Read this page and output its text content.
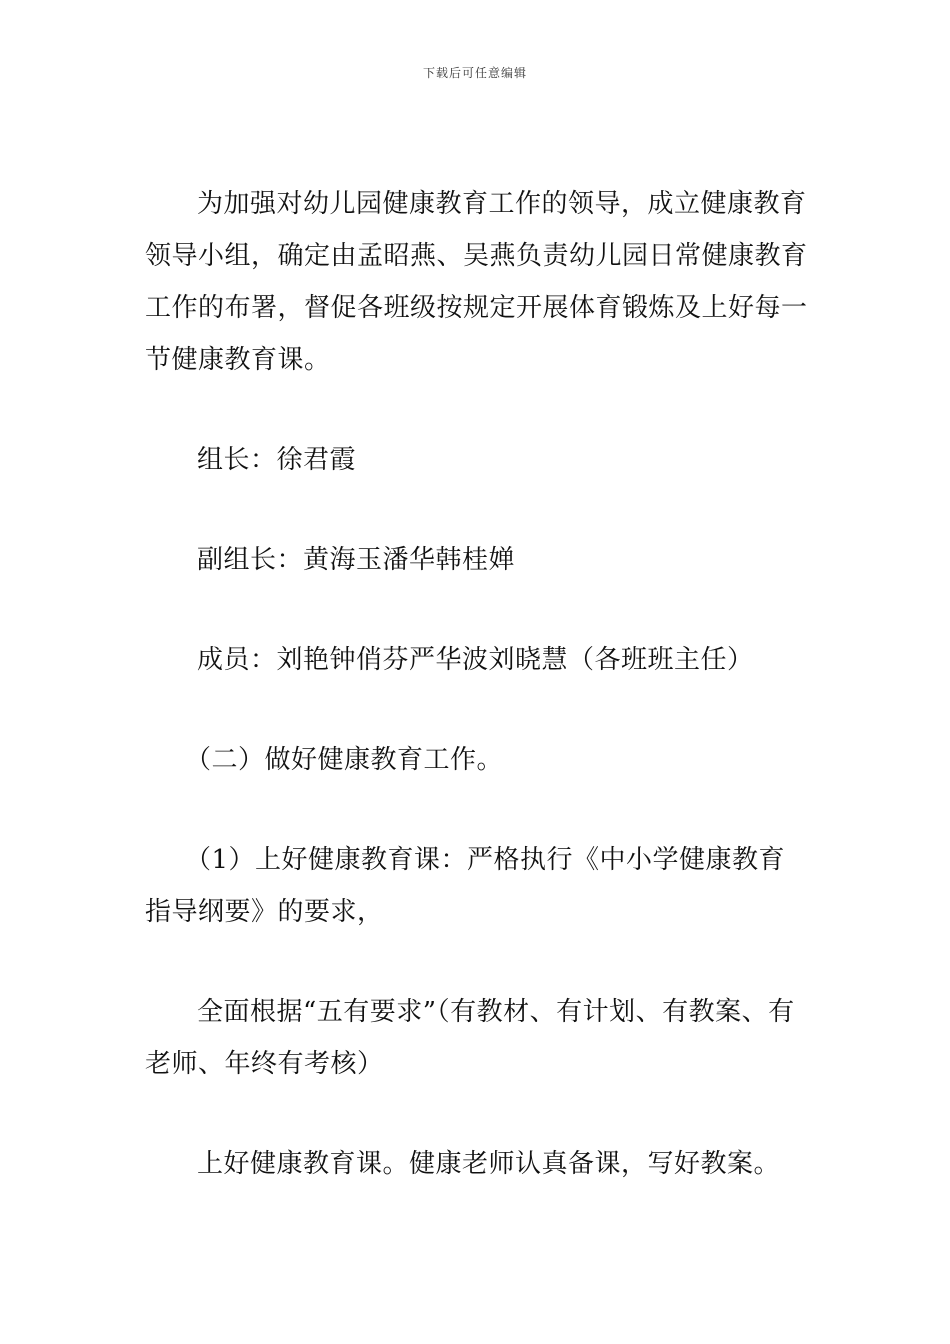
下载后可任意编辑

为加强对幼儿园健康教育工作的领导，成立健康教育领导小组，确定由孟昭燕、吴燕负责幼儿园日常健康教育工作的布署，督促各班级按规定开展体育锻炼及上好每一节健康教育课。

组长：徐君霞

副组长：黄海玉潘华韩桂婵

成员：刘艳钟俏芬严华波刘晓慧（各班班主任）

（二）做好健康教育工作。

（1）上好健康教育课：严格执行《中小学健康教育指导纲要》的要求，

全面根据“五有要求”（有教材、有计划、有教案、有老师、年终有考核）

上好健康教育课。健康老师认真备课，写好教案。
